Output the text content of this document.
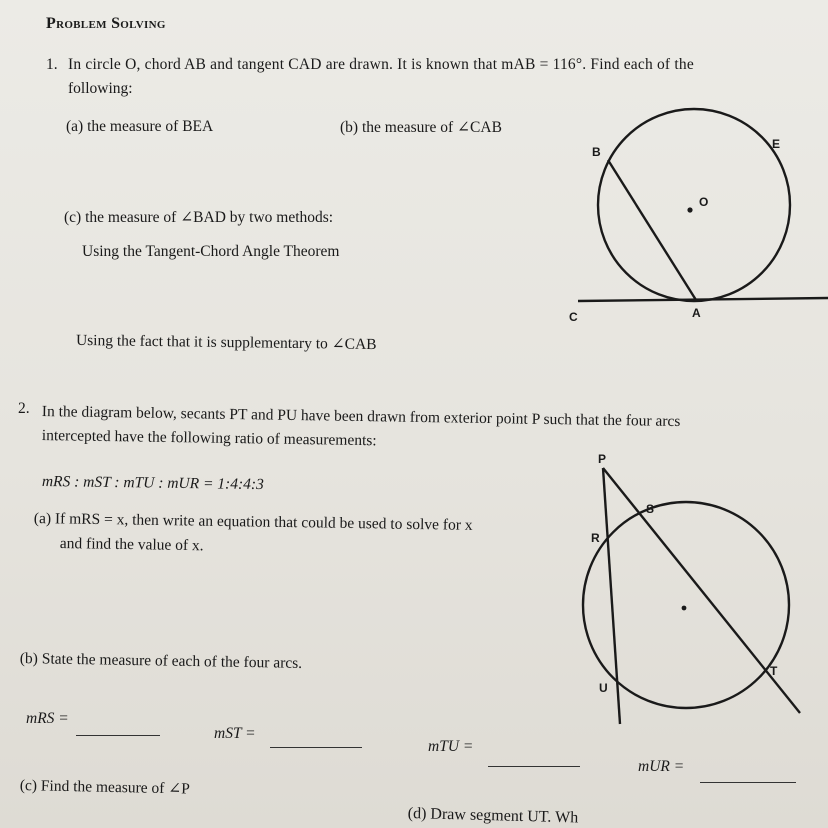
Problem Solving
1. In circle O, chord AB and tangent CAD are drawn. It is known that mAB = 116°. Find each of the
following:
(a) the measure of BEA	(b) the measure of ∠CAB
(c) the measure of ∠BAD by two methods:
Using the Tangent-Chord Angle Theorem
Using the fact that it is supplementary to ∠CAB
B
E
O
A
C
2. In the diagram below, secants PT and PU have been drawn from exterior point P such that the four arcs
intercepted have the following ratio of measurements:
mRS : mST : mTU : mUR = 1:4:4:3
(a) If mRS = x, then write an equation that could be used to solve for x
and find the value of x.
(b) State the measure of each of the four arcs.
mRS =
mST =
mTU =
mUR =
(c) Find the measure of ∠P
(d) Draw segment UT. Wh
P
S
R
T
U
